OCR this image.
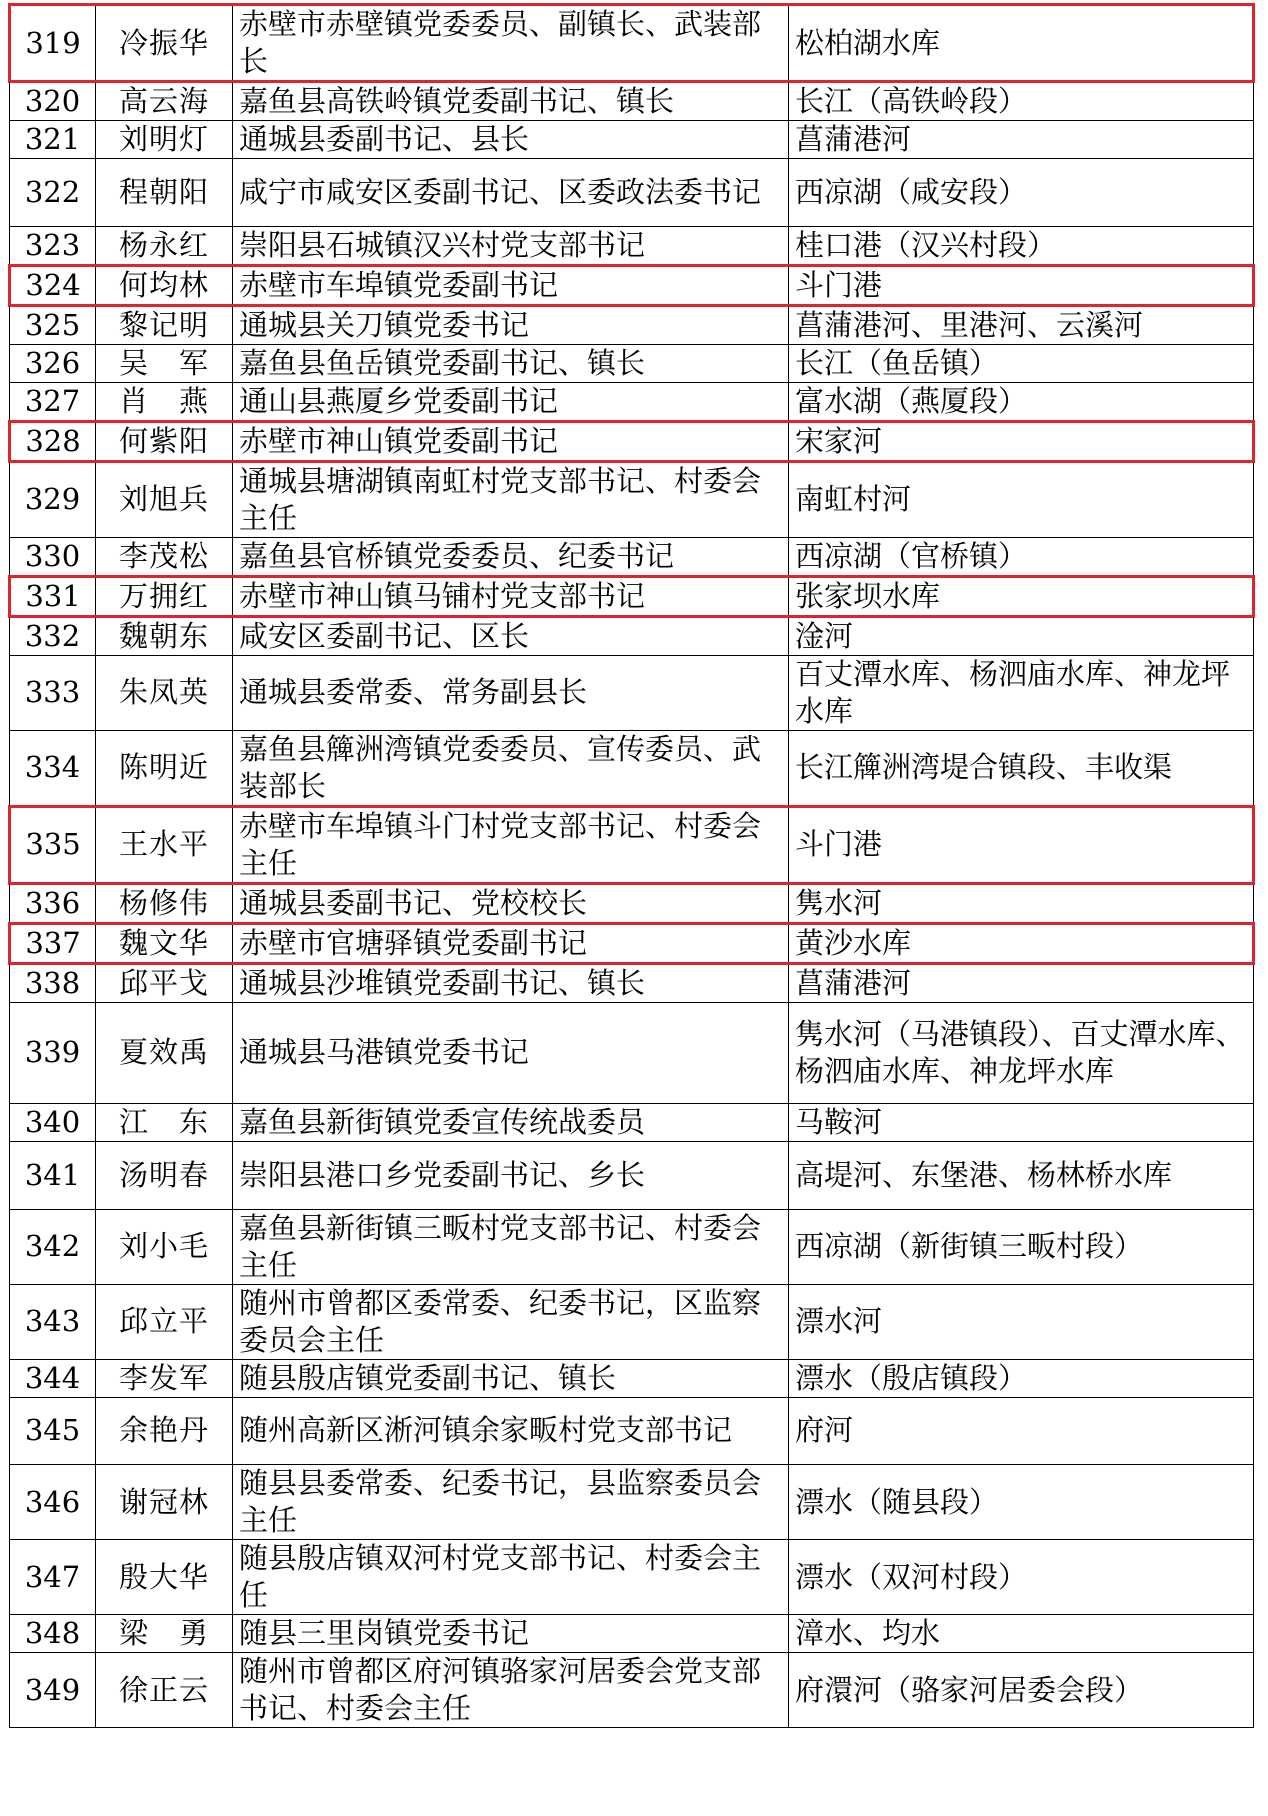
319	冷振华	赤壁市赤壁镇党委委员、副镇长、武装部长	松柏湖水库
320	高云海	嘉鱼县高铁岭镇党委副书记、镇长	长江（高铁岭段）
321	刘明灯	通城县委副书记、县长	菖蒲港河
322	程朝阳	咸宁市咸安区委副书记、区委政法委书记	西凉湖（咸安段）
323	杨永红	崇阳县石城镇汉兴村党支部书记	桂口港（汉兴村段）
324	何均林	赤壁市车埠镇党委副书记	斗门港
325	黎记明	通城县关刀镇党委书记	菖蒲港河、里港河、云溪河
326	吴　军	嘉鱼县鱼岳镇党委副书记、镇长	长江（鱼岳镇）
327	肖　燕	通山县燕厦乡党委副书记	富水湖（燕厦段）
328	何紫阳	赤壁市神山镇党委副书记	宋家河
329	刘旭兵	通城县塘湖镇南虹村党支部书记、村委会主任	南虹村河
330	李茂松	嘉鱼县官桥镇党委委员、纪委书记	西凉湖（官桥镇）
331	万拥红	赤壁市神山镇马铺村党支部书记	张家坝水库
332	魏朝东	咸安区委副书记、区长	淦河
333	朱凤英	通城县委常委、常务副县长	百丈潭水库、杨泗庙水库、神龙坪水库
334	陈明近	嘉鱼县簰洲湾镇党委委员、宣传委员、武装部长	长江簰洲湾堤合镇段、丰收渠
335	王水平	赤壁市车埠镇斗门村党支部书记、村委会主任	斗门港
336	杨修伟	通城县委副书记、党校校长	隽水河
337	魏文华	赤壁市官塘驿镇党委副书记	黄沙水库
338	邱平戈	通城县沙堆镇党委副书记、镇长	菖蒲港河
339	夏效禹	通城县马港镇党委书记	隽水河（马港镇段）、百丈潭水库、杨泗庙水库、神龙坪水库
340	江　东	嘉鱼县新街镇党委宣传统战委员	马鞍河
341	汤明春	崇阳县港口乡党委副书记、乡长	高堤河、东堡港、杨林桥水库
342	刘小毛	嘉鱼县新街镇三畈村党支部书记、村委会主任	西凉湖（新街镇三畈村段）
343	邱立平	随州市曾都区委常委、纪委书记，区监察委员会主任	漂水河
344	李发军	随县殷店镇党委副书记、镇长	漂水（殷店镇段）
345	余艳丹	随州高新区淅河镇余家畈村党支部书记	府河
346	谢冠林	随县县委常委、纪委书记，县监察委员会主任	漂水（随县段）
347	殷大华	随县殷店镇双河村党支部书记、村委会主任	漂水（双河村段）
348	梁　勇	随县三里岗镇党委书记	漳水、均水
349	徐正云	随州市曾都区府河镇骆家河居委会党支部书记、村委会主任	府澴河（骆家河居委会段）
